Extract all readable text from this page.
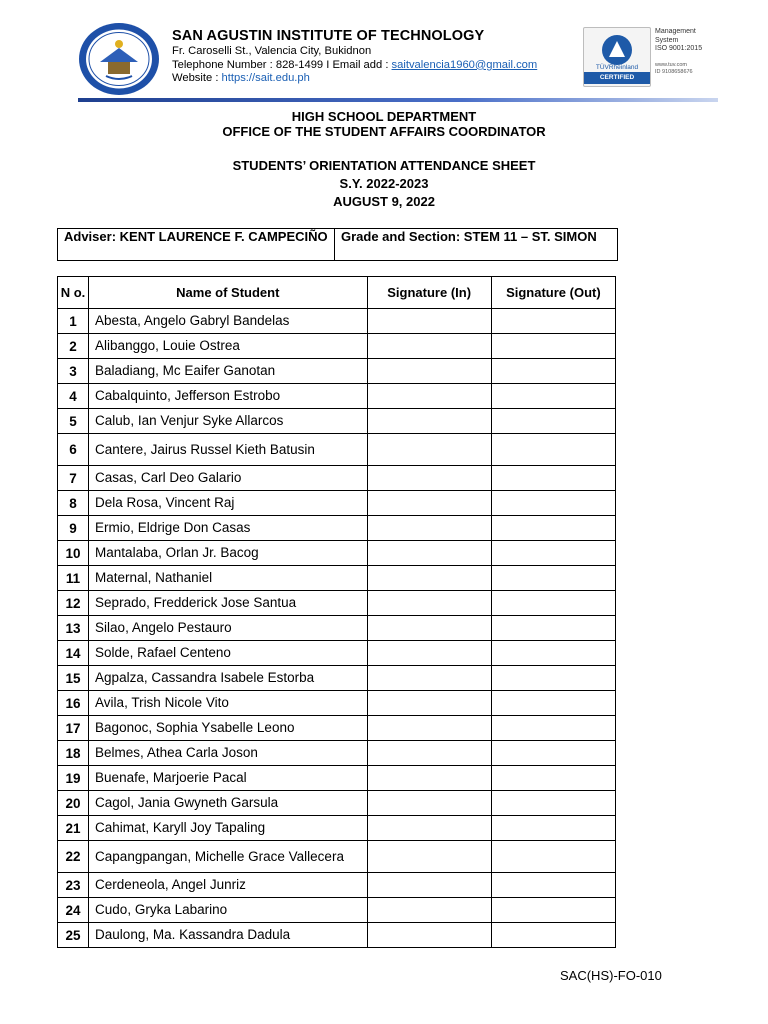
SAN AGUSTIN INSTITUTE OF TECHNOLOGY
Fr. Caroselli St., Valencia City, Bukidnon
Telephone Number : 828-1499 I Email add : saitvalencia1960@gmail.com
Website : https://sait.edu.ph
TÜVRheinland
CERTIFIED
Management
System
ISO 9001:2015
www.tuv.com
ID 9108658676
HIGH SCHOOL DEPARTMENT
OFFICE OF THE STUDENT AFFAIRS COORDINATOR
STUDENTS’ ORIENTATION ATTENDANCE SHEET
S.Y. 2022-2023
AUGUST 9, 2022
Adviser: KENT LAURENCE F. CAMPECIÑO	Grade and Section: STEM 11 – ST. SIMON
N o.	Name of Student	Signature (In)	Signature (Out)
1	Abesta, Angelo Gabryl Bandelas		
2	Alibanggo, Louie Ostrea		
3	Baladiang, Mc Eaifer Ganotan		
4	Cabalquinto, Jefferson Estrobo		
5	Calub, Ian Venjur Syke Allarcos		
6	Cantere, Jairus Russel Kieth Batusin		
7	Casas, Carl Deo Galario		
8	Dela Rosa, Vincent Raj		
9	Ermio, Eldrige Don Casas		
10	Mantalaba, Orlan Jr. Bacog		
11	Maternal, Nathaniel		
12	Seprado, Fredderick Jose Santua		
13	Silao, Angelo Pestauro		
14	Solde, Rafael Centeno		
15	Agpalza, Cassandra Isabele Estorba		
16	Avila, Trish Nicole Vito		
17	Bagonoc, Sophia Ysabelle Leono		
18	Belmes, Athea Carla Joson		
19	Buenafe, Marjoerie Pacal		
20	Cagol, Jania Gwyneth Garsula		
21	Cahimat, Karyll Joy Tapaling		
22	Capangpangan, Michelle Grace Vallecera		
23	Cerdeneola, Angel Junriz		
24	Cudo, Gryka Labarino		
25	Daulong, Ma. Kassandra Dadula		
SAC(HS)-FO-010
